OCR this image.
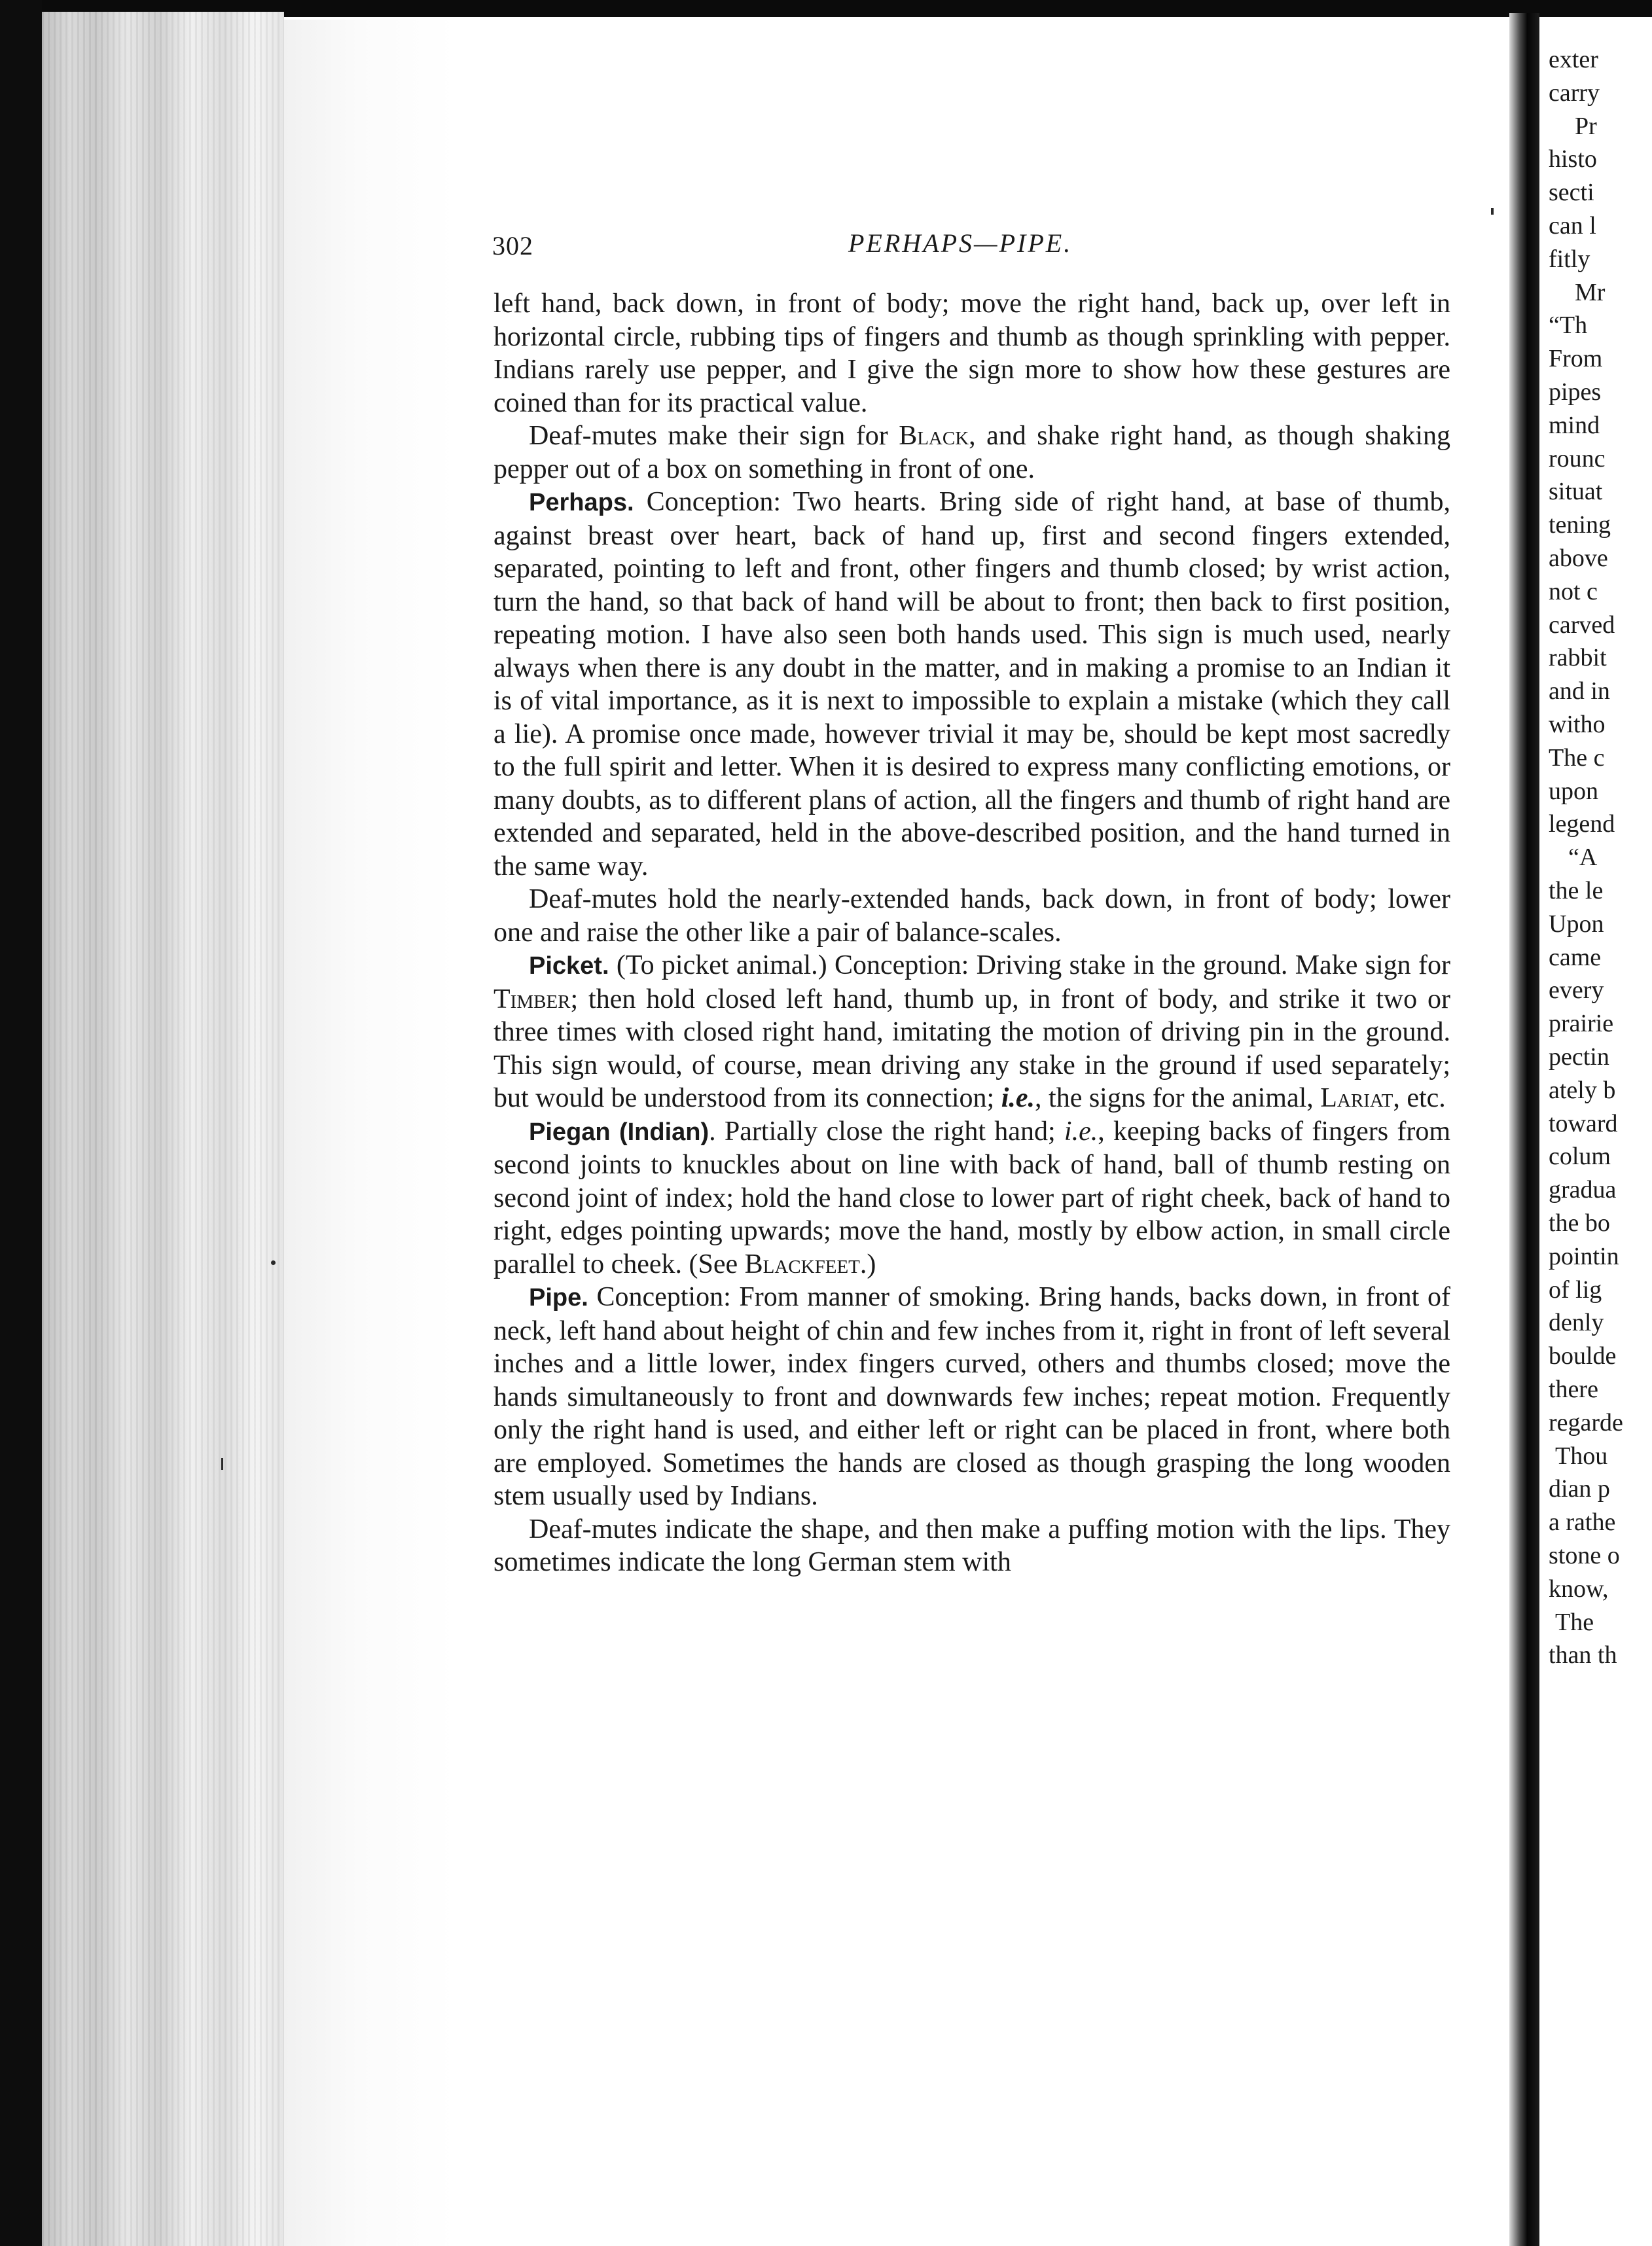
exter
carry
Pr
histo
secti
can l
fitly
Mr
“Th
From
pipes
mind
rounc
situat
tening
above
not c
carved
rabbit
and in
witho
The c
upon
legend
“A
the le
Upon
came
every
prairie
pectin
ately b
toward
colum
gradua
the bo
pointin
of lig
denly
boulde
there
regarde
Thou
dian p
a rathe
stone o
know,
The
than th
302	PERHAPS—PIPE.

left hand, back down, in front of body; move the right hand, back up, over left in horizontal circle, rubbing tips of fingers and thumb as though sprinkling with pepper. Indians rarely use pepper, and I give the sign more to show how these gestures are coined than for its practical value.

Deaf-mutes make their sign for Black, and shake right hand, as though shaking pepper out of a box on something in front of one.

Perhaps. Conception: Two hearts. Bring side of right hand, at base of thumb, against breast over heart, back of hand up, first and second fingers extended, separated, pointing to left and front, other fingers and thumb closed; by wrist action, turn the hand, so that back of hand will be about to front; then back to first position, repeating motion. I have also seen both hands used. This sign is much used, nearly always when there is any doubt in the matter, and in making a promise to an Indian it is of vital importance, as it is next to impossible to explain a mistake (which they call a lie). A promise once made, however trivial it may be, should be kept most sacredly to the full spirit and letter. When it is desired to express many conflicting emotions, or many doubts, as to different plans of action, all the fingers and thumb of right hand are extended and separated, held in the above-described position, and the hand turned in the same way.

Deaf-mutes hold the nearly-extended hands, back down, in front of body; lower one and raise the other like a pair of balance-scales.

Picket. (To picket animal.) Conception: Driving stake in the ground. Make sign for Timber; then hold closed left hand, thumb up, in front of body, and strike it two or three times with closed right hand, imitating the motion of driving pin in the ground. This sign would, of course, mean driving any stake in the ground if used separately; but would be understood from its connection; i.e., the signs for the animal, Lariat, etc.

Piegan (Indian). Partially close the right hand; i.e., keeping backs of fingers from second joints to knuckles about on line with back of hand, ball of thumb resting on second joint of index; hold the hand close to lower part of right cheek, back of hand to right, edges pointing upwards; move the hand, mostly by elbow action, in small circle parallel to cheek. (See Blackfeet.)

Pipe. Conception: From manner of smoking. Bring hands, backs down, in front of neck, left hand about height of chin and few inches from it, right in front of left several inches and a little lower, index fingers curved, others and thumbs closed; move the hands simultaneously to front and downwards few inches; repeat motion. Frequently only the right hand is used, and either left or right can be placed in front, where both are employed. Sometimes the hands are closed as though grasping the long wooden stem usually used by Indians.

Deaf-mutes indicate the shape, and then make a puffing motion with the lips. They sometimes indicate the long German stem with
